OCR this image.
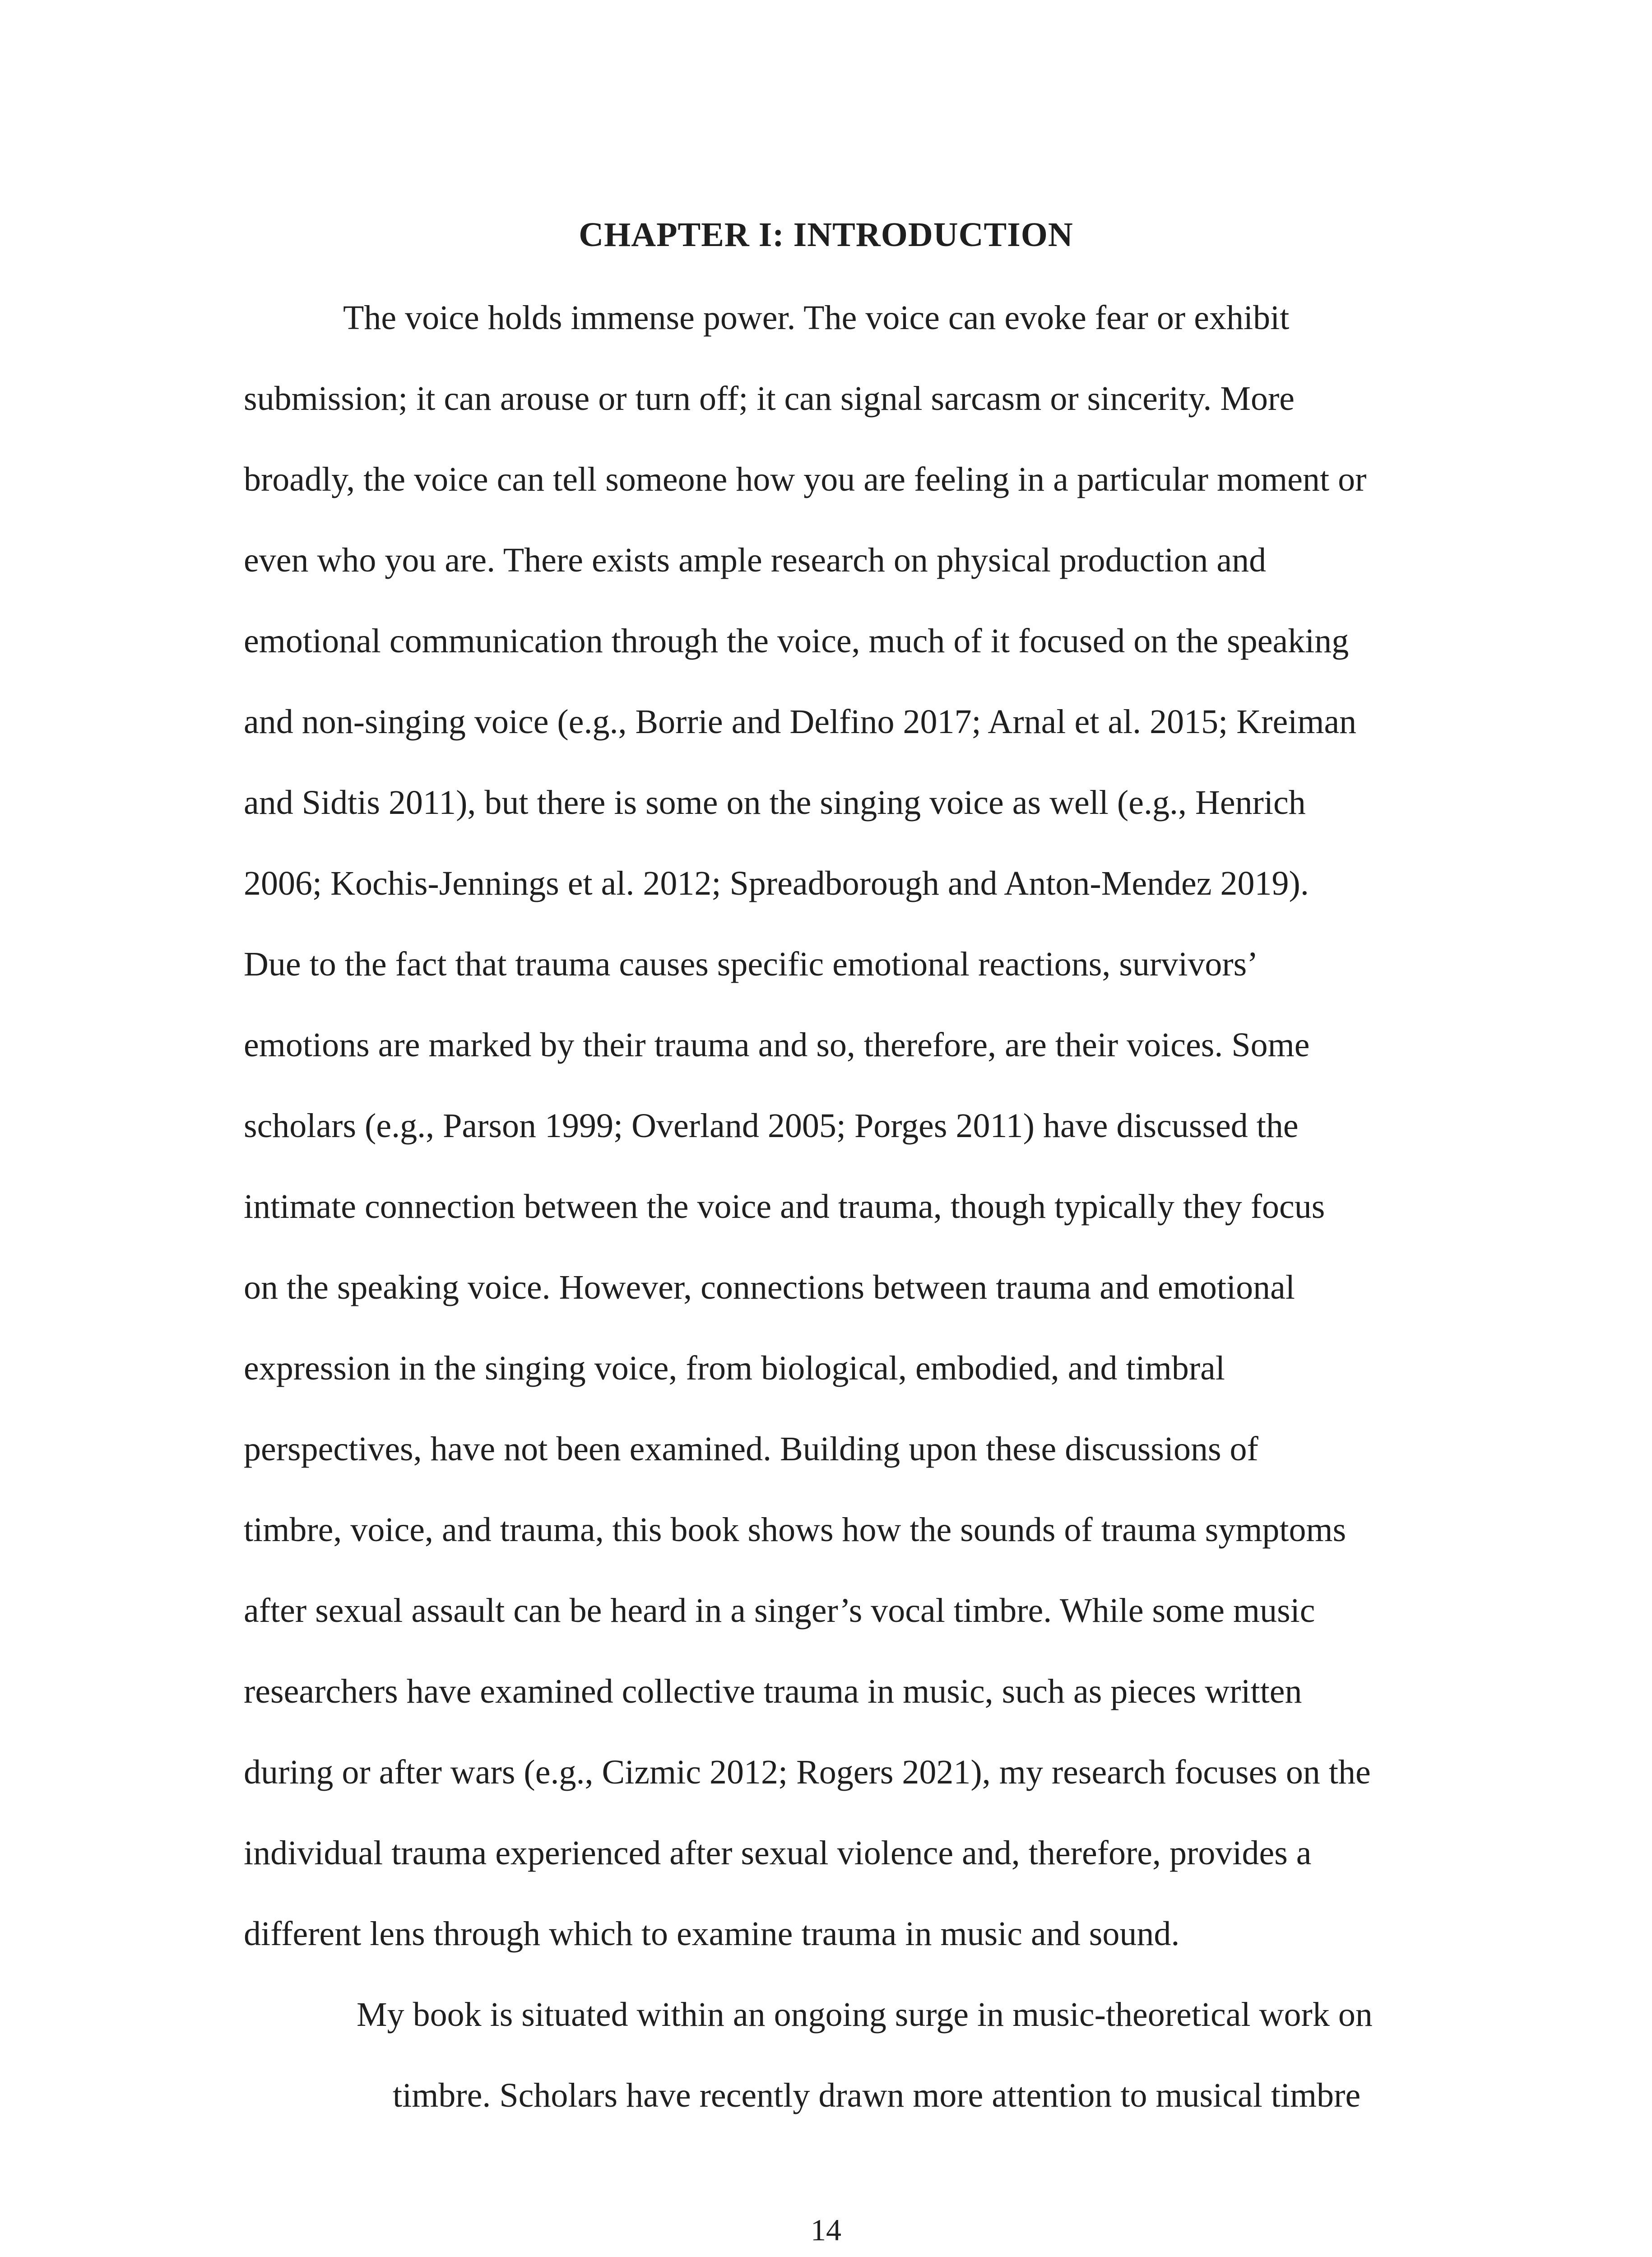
CHAPTER I: INTRODUCTION
The voice holds immense power. The voice can evoke fear or exhibit
submission; it can arouse or turn off; it can signal sarcasm or sincerity. More
broadly, the voice can tell someone how you are feeling in a particular moment or
even who you are. There exists ample research on physical production and
emotional communication through the voice, much of it focused on the speaking
and non-singing voice (e.g., Borrie and Delfino 2017; Arnal et al. 2015; Kreiman
and Sidtis 2011), but there is some on the singing voice as well (e.g., Henrich
2006; Kochis-Jennings et al. 2012; Spreadborough and Anton-Mendez 2019).
Due to the fact that trauma causes specific emotional reactions, survivors’
emotions are marked by their trauma and so, therefore, are their voices. Some
scholars (e.g., Parson 1999; Overland 2005; Porges 2011) have discussed the
intimate connection between the voice and trauma, though typically they focus
on the speaking voice. However, connections between trauma and emotional
expression in the singing voice, from biological, embodied, and timbral
perspectives, have not been examined. Building upon these discussions of
timbre, voice, and trauma, this book shows how the sounds of trauma symptoms
after sexual assault can be heard in a singer’s vocal timbre. While some music
researchers have examined collective trauma in music, such as pieces written
during or after wars (e.g., Cizmic 2012; Rogers 2021), my research focuses on the
individual trauma experienced after sexual violence and, therefore, provides a
different lens through which to examine trauma in music and sound.
My book is situated within an ongoing surge in music-theoretical work on
timbre. Scholars have recently drawn more attention to musical timbre
14
